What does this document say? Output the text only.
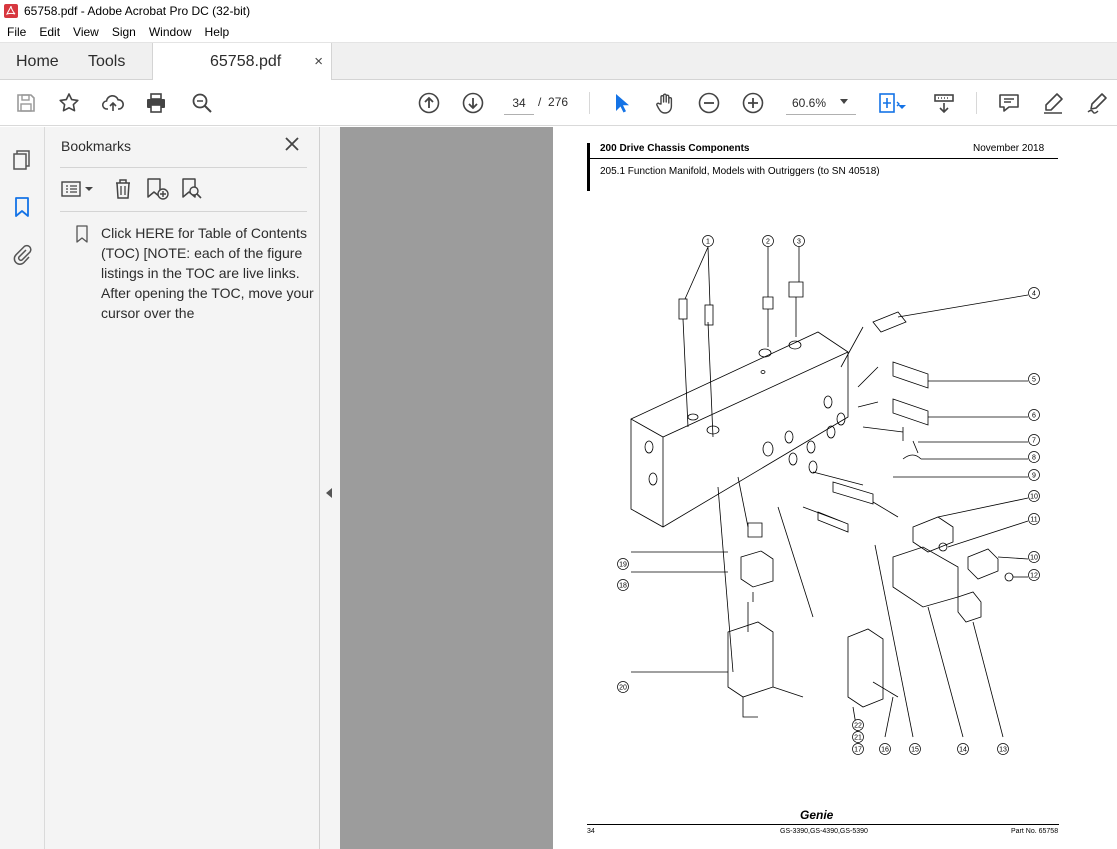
65758.pdf - Adobe Acrobat Pro DC (32-bit)
File	Edit	View	Sign	Window	Help
Home Tools	65758.pdf ×
34	/ 276	60.6%
Bookmarks
Click HERE for Table of Contents (TOC) [NOTE: each of the figure listings in the TOC are live links. After opening the TOC, move your cursor over the
200 Drive Chassis Components	November 2018
205.1 Function Manifold, Models with Outriggers (to SN 40518)
1	2	3
4
5
6
7
8
9
10
11
10
12
13
14
15
16
17
21
22
20
18
19
Genie
34	GS-3390,GS-4390,GS-5390	Part No. 65758
